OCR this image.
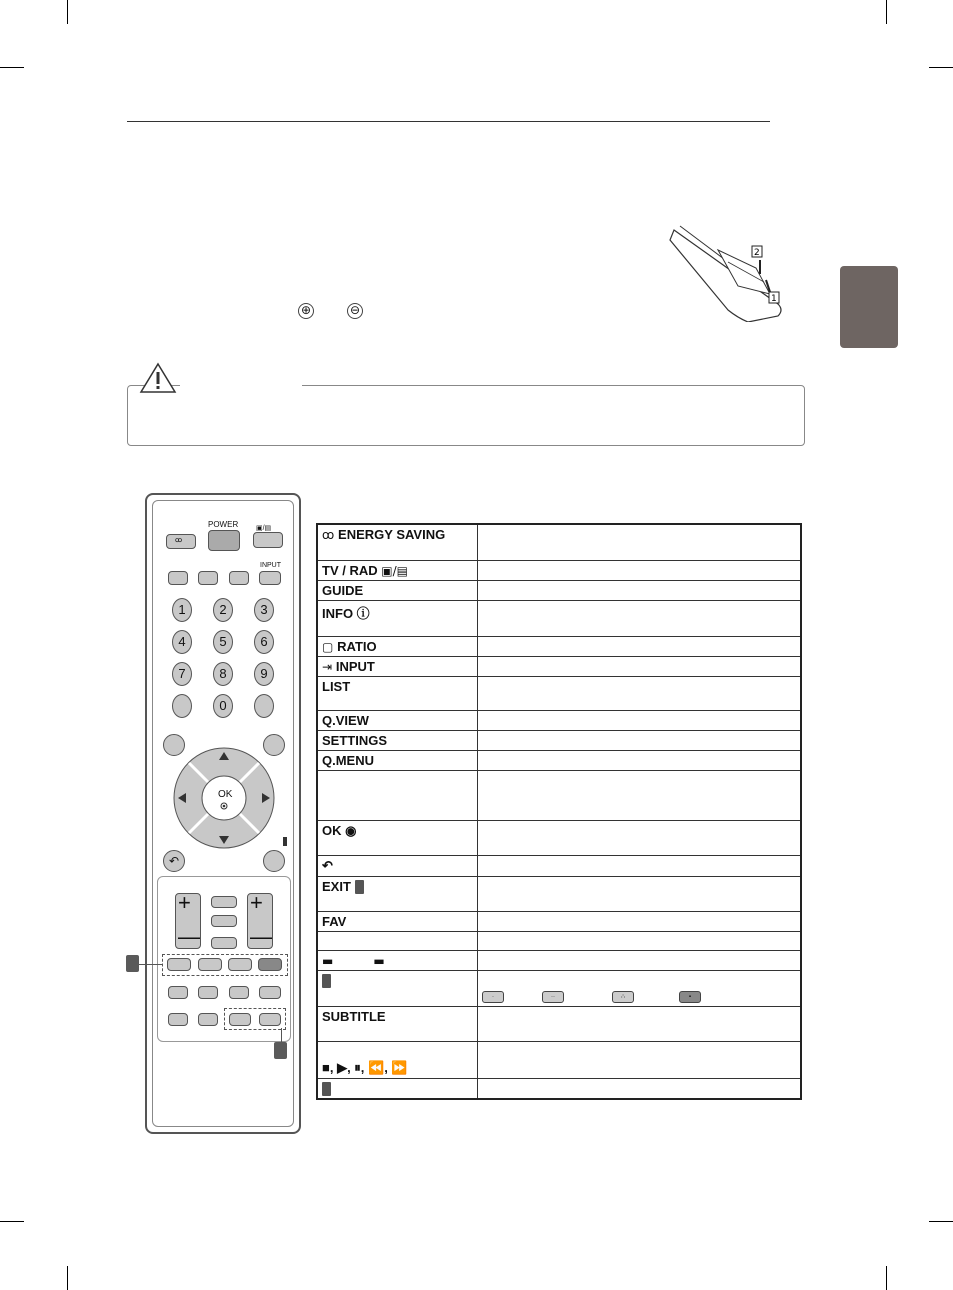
⊕	⊖
2
1
POWER
ꝏ
▣/▤
INPUT
1	2	3
4	5	6
7	8	9
0
OK
↶
+
—
+
—
ꝏ ENERGY SAVING	
TV / RAD ▣/▤	
GUIDE	
INFO ⓘ	
▢ RATIO	
⇥ INPUT	
LIST	
Q.VIEW	
SETTINGS	
Q.MENU	

OK ◉	
↶	
EXIT	
FAV	

▬ ▬	
	· ·· ∴ ▪
SUBTITLE	
■, ▶, ⏸, ⏪, ⏩	
